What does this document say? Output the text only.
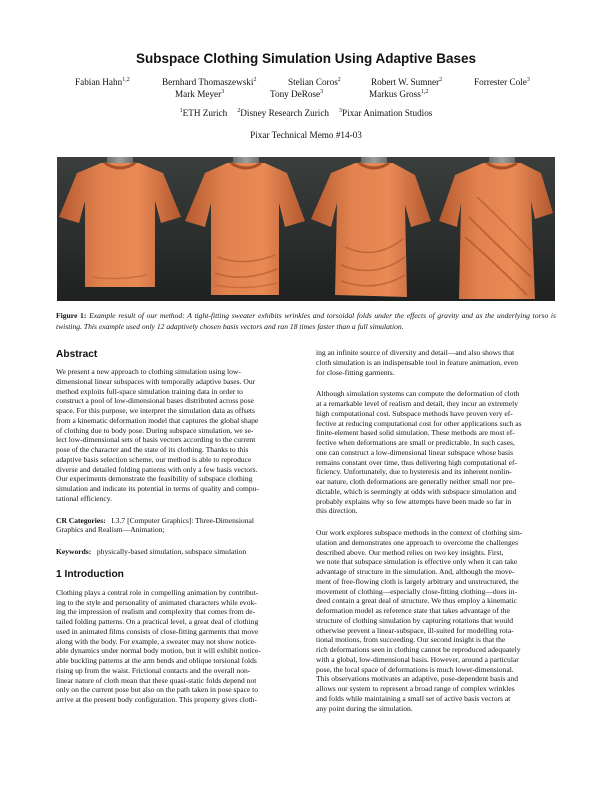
Subspace Clothing Simulation Using Adaptive Bases
Fabian Hahn$^{1,2}$	Bernhard Thomaszewski$^2$	Stelian Coros$^2$	Robert W. Sumner$^2$	Forrester Cole$^3$
Mark Meyer$^3$	Tony DeRose$^3$	Markus Gross$^{1,2}$
$^1$ETH Zurich $^2$Disney Research Zurich $^3$Pixar Animation Studios
Pixar Technical Memo #14-03
Figure 1: Example result of our method: A tight-fitting sweater exhibits wrinkles and torsoidal folds under the effects of gravity and as the underlying torso is twisting. This example used only 12 adaptively chosen basis vectors and ran 18 times faster than a full simulation.
Abstract

We present a new approach to clothing simulation using low-

dimensional linear subspaces with temporally adaptive bases. Our

method exploits full-space simulation training data in order to

construct a pool of low-dimensional bases distributed across pose

space. For this purpose, we interpret the simulation data as offsets

from a kinematic deformation model that captures the global shape

of clothing due to body pose. During subspace simulation, we se-

lect low-dimensional sets of basis vectors according to the current

pose of the character and the state of its clothing. Thanks to this

adaptive basis selection scheme, our method is able to reproduce

diverse and detailed folding patterns with only a few basis vectors.

Our experiments demonstrate the feasibility of subspace clothing

simulation and indicate its potential in terms of quality and compu-

tational efficiency.

CR Categories: I.3.7 [Computer Graphics]: Three-Dimensional

Graphics and Realism—Animation;

Keywords: physically-based simulation, subspace simulation

1 Introduction

Clothing plays a central role in compelling animation by contribut-

ing to the style and personality of animated characters while evok-

ing the impression of realism and complexity that comes from de-

tailed folding patterns. On a practical level, a great deal of clothing

used in animated films consists of close-fitting garments that move

along with the body. For example, a sweater may not show notice-

able dynamics under normal body motion, but it will exhibit notice-

able buckling patterns at the arm bends and oblique torsional folds

rising up from the waist. Frictional contacts and the overall non-

linear nature of cloth mean that these quasi-static folds depend not

only on the current pose but also on the path taken in pose space to

arrive at the present body configuration. This property gives cloth-

ing an infinite source of diversity and detail—and also shows that

cloth simulation is an indispensable tool in feature animation, even

for close-fitting garments.

Although simulation systems can compute the deformation of cloth

at a remarkable level of realism and detail, they incur an extremely

high computational cost. Subspace methods have proven very ef-

fective at reducing computational cost for other applications such as

finite-element based solid simulation. These methods are most ef-

fective when deformations are small or predictable. In such cases,

one can construct a low-dimensional linear subspace whose basis

remains constant over time, thus delivering high computational ef-

ficiency. Unfortunately, due to hysteresis and its inherent nonlin-

ear nature, cloth deformations are generally neither small nor pre-

dictable, which is seemingly at odds with subspace simulation and

probably explains why so few attempts have been made so far in

this direction.

Our work explores subspace methods in the context of clothing sim-

ulation and demonstrates one approach to overcome the challenges

described above. Our method relies on two key insights. First,

we note that subspace simulation is effective only when it can take

advantage of structure in the simulation. And, although the move-

ment of free-flowing cloth is largely arbitrary and unstructured, the

movement of clothing—especially close-fitting clothing—does in-

deed contain a great deal of structure. We thus employ a kinematic

deformation model as reference state that takes advantage of the

structure of clothing simulation by capturing rotations that would

otherwise prevent a linear-subspace, ill-suited for modelling rota-

tional motions, from succeeding. Our second insight is that the

rich deformations seen in clothing cannot be reproduced adequately

with a global, low-dimensional basis. However, around a particular

pose, the local space of deformations is much lower-dimensional.

This observations motivates an adaptive, pose-dependent basis and

allows our system to represent a broad range of complex wrinkles

and folds while maintaining a small set of active basis vectors at

any point during the simulation.
